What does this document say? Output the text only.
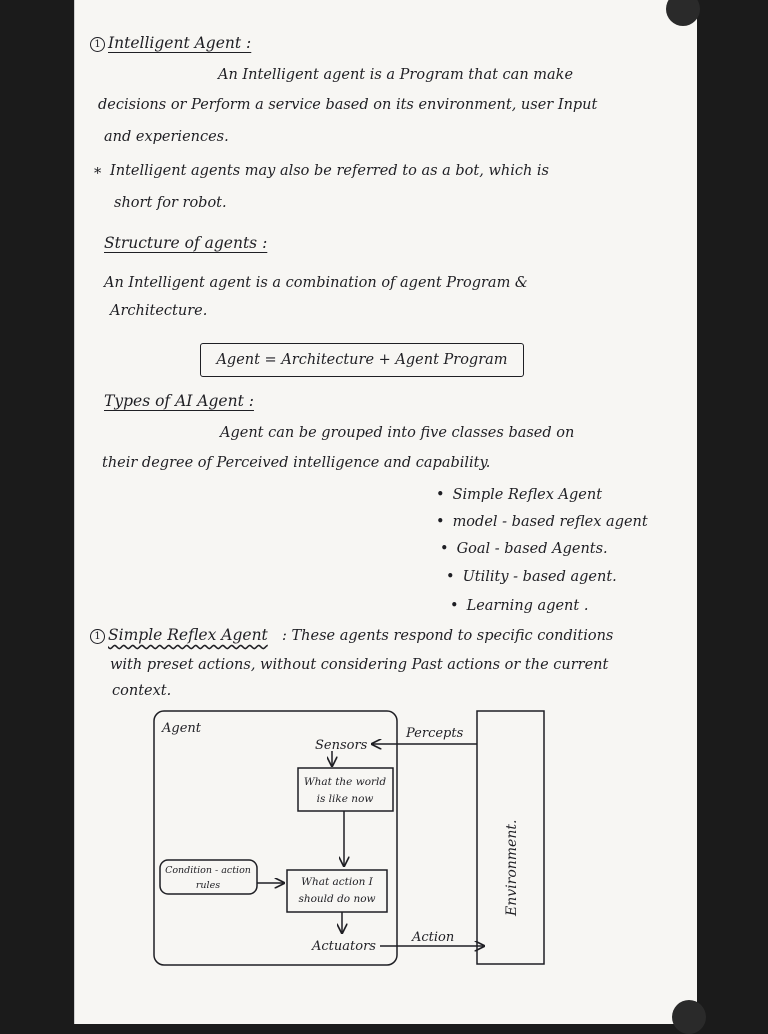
1 Intelligent Agent :
An Intelligent agent is a Program that can make
decisions or Perform a service based on its environment, user Input
and experiences.
* Intelligent agents may also be referred to as a bot, which is
short for robot.
Structure of agents :
An Intelligent agent is a combination of agent Program &
Architecture.
Agent = Architecture + Agent Program
Types of AI Agent :
Agent can be grouped into five classes based on
their degree of Perceived intelligence and capability.
• Simple Reflex Agent
• model - based reflex agent
• Goal - based Agents.
• Utility - based agent.
• Learning agent .
1 Simple Reflex Agent : These agents respond to specific conditions
with preset actions, without considering Past actions or the current
context.
Agent
Sensors
Percepts
What the world
is like now
Condition - action
rules	What action I
should do now
Actuators
Action
Environment.
